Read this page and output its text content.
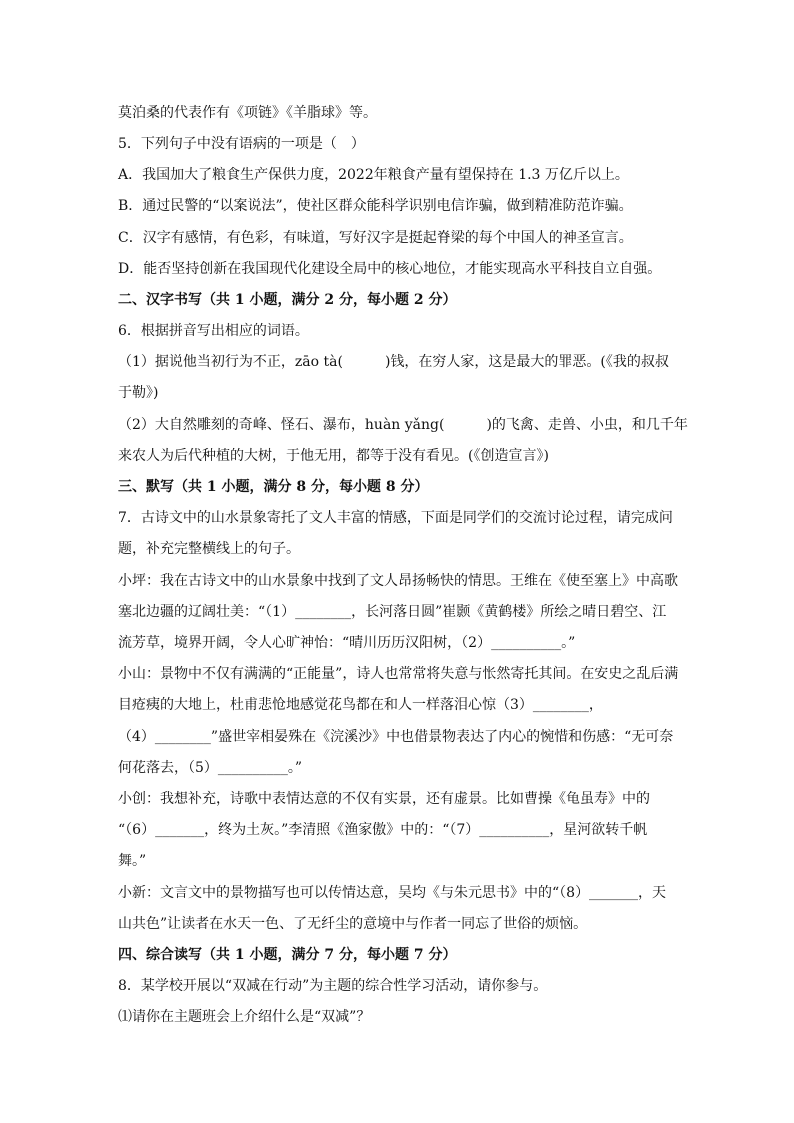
莫泊桑的代表作有《项链》《羊脂球》等。

5．下列句子中没有语病的一项是（　）

A．我国加大了粮食生产保供力度，2022年粮食产量有望保持在 1.3 万亿斤以上。

B．通过民警的“以案说法”，使社区群众能科学识别电信诈骗，做到精准防范诈骗。

C．汉字有感情，有色彩，有味道，写好汉字是挺起脊梁的每个中国人的神圣宣言。

D．能否坚持创新在我国现代化建设全局中的核心地位，才能实现高水平科技自立自强。

二、汉字书写（共 1 小题，满分 2 分，每小题 2 分）

6．根据拼音写出相应的词语。

（1）据说他当初行为不正，zāo tà(　　　)钱，在穷人家，这是最大的罪恶。(《我的叔叔

于勒》)

（2）大自然雕刻的奇峰、怪石、瀑布，huàn yǎng(　　　)的飞禽、走兽、小虫，和几千年

来农人为后代种植的大树，于他无用，都等于没有看见。(《创造宣言》)

三、默写（共 1 小题，满分 8 分，每小题 8 分）

7．古诗文中的山水景象寄托了文人丰富的情感，下面是同学们的交流讨论过程，请完成问

题，补充完整横线上的句子。

小坪：我在古诗文中的山水景象中找到了文人昂扬畅快的情思。王维在《使至塞上》中高歌

塞北边疆的辽阔壮美：“（1）________，长河落日圆”崔颢《黄鹤楼》所绘之晴日碧空、江

流芳草，境界开阔，令人心旷神怡：“晴川历历汉阳树，（2）__________。”

小山：景物中不仅有满满的“正能量”，诗人也常常将失意与怅然寄托其间。在安史之乱后满

目疮痍的大地上，杜甫悲怆地感觉花鸟都在和人一样落泪心惊（3）________，

（4）________”盛世宰相晏殊在《浣溪沙》中也借景物表达了内心的惋惜和伤感：“无可奈

何花落去，（5）__________。”

小创：我想补充，诗歌中表情达意的不仅有实景，还有虚景。比如曹操《龟虽寿》中的

“（6）_______，终为土灰。”李清照《渔家傲》中的：“（7）__________，星河欲转千帆

舞。”

小新：文言文中的景物描写也可以传情达意，吴均《与朱元思书》中的“（8）_______，天

山共色”让读者在水天一色、了无纤尘的意境中与作者一同忘了世俗的烦恼。

四、综合读写（共 1 小题，满分 7 分，每小题 7 分）

8．某学校开展以“双减在行动”为主题的综合性学习活动，请你参与。

⑴请你在主题班会上介绍什么是“双减”？
